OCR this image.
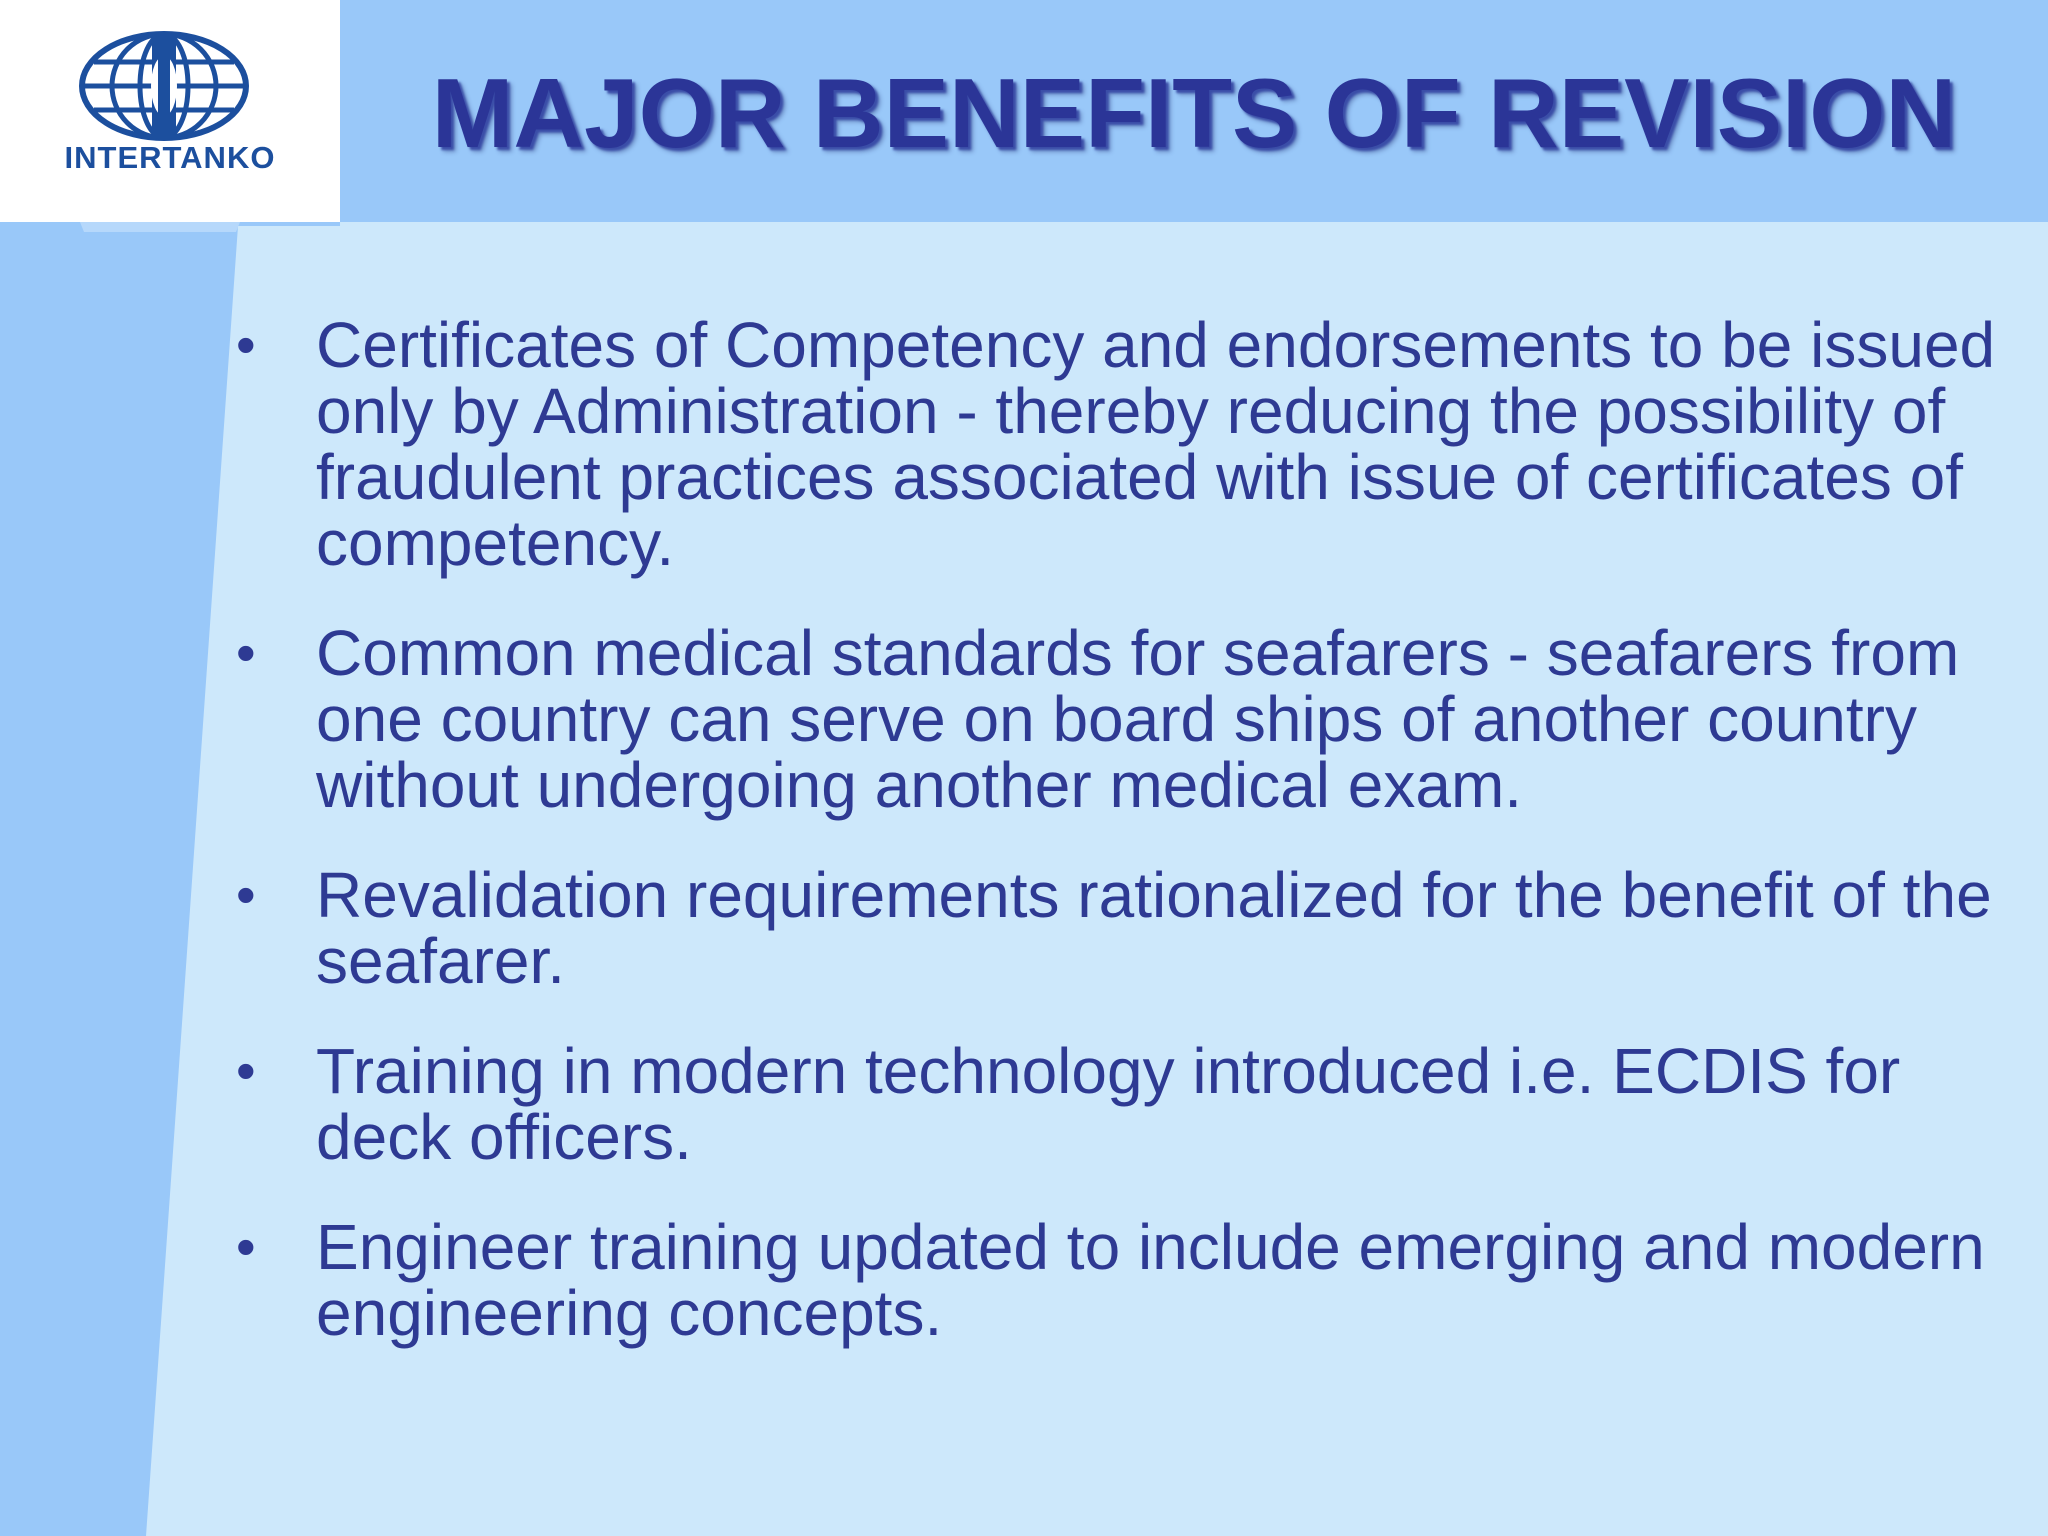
INTERTANKO	MAJOR BENEFITS OF REVISION
• Certificates of Competency and endorsements to be issued only by Administration - thereby reducing the possibility of fraudulent practices associated with issue of certificates of competency.
• Common medical standards for seafarers - seafarers from one country can serve on board ships of another country without undergoing another medical exam.
• Revalidation requirements rationalized for the benefit of the seafarer.
• Training in modern technology introduced i.e. ECDIS for deck officers.
• Engineer training updated to include emerging and modern engineering concepts.
